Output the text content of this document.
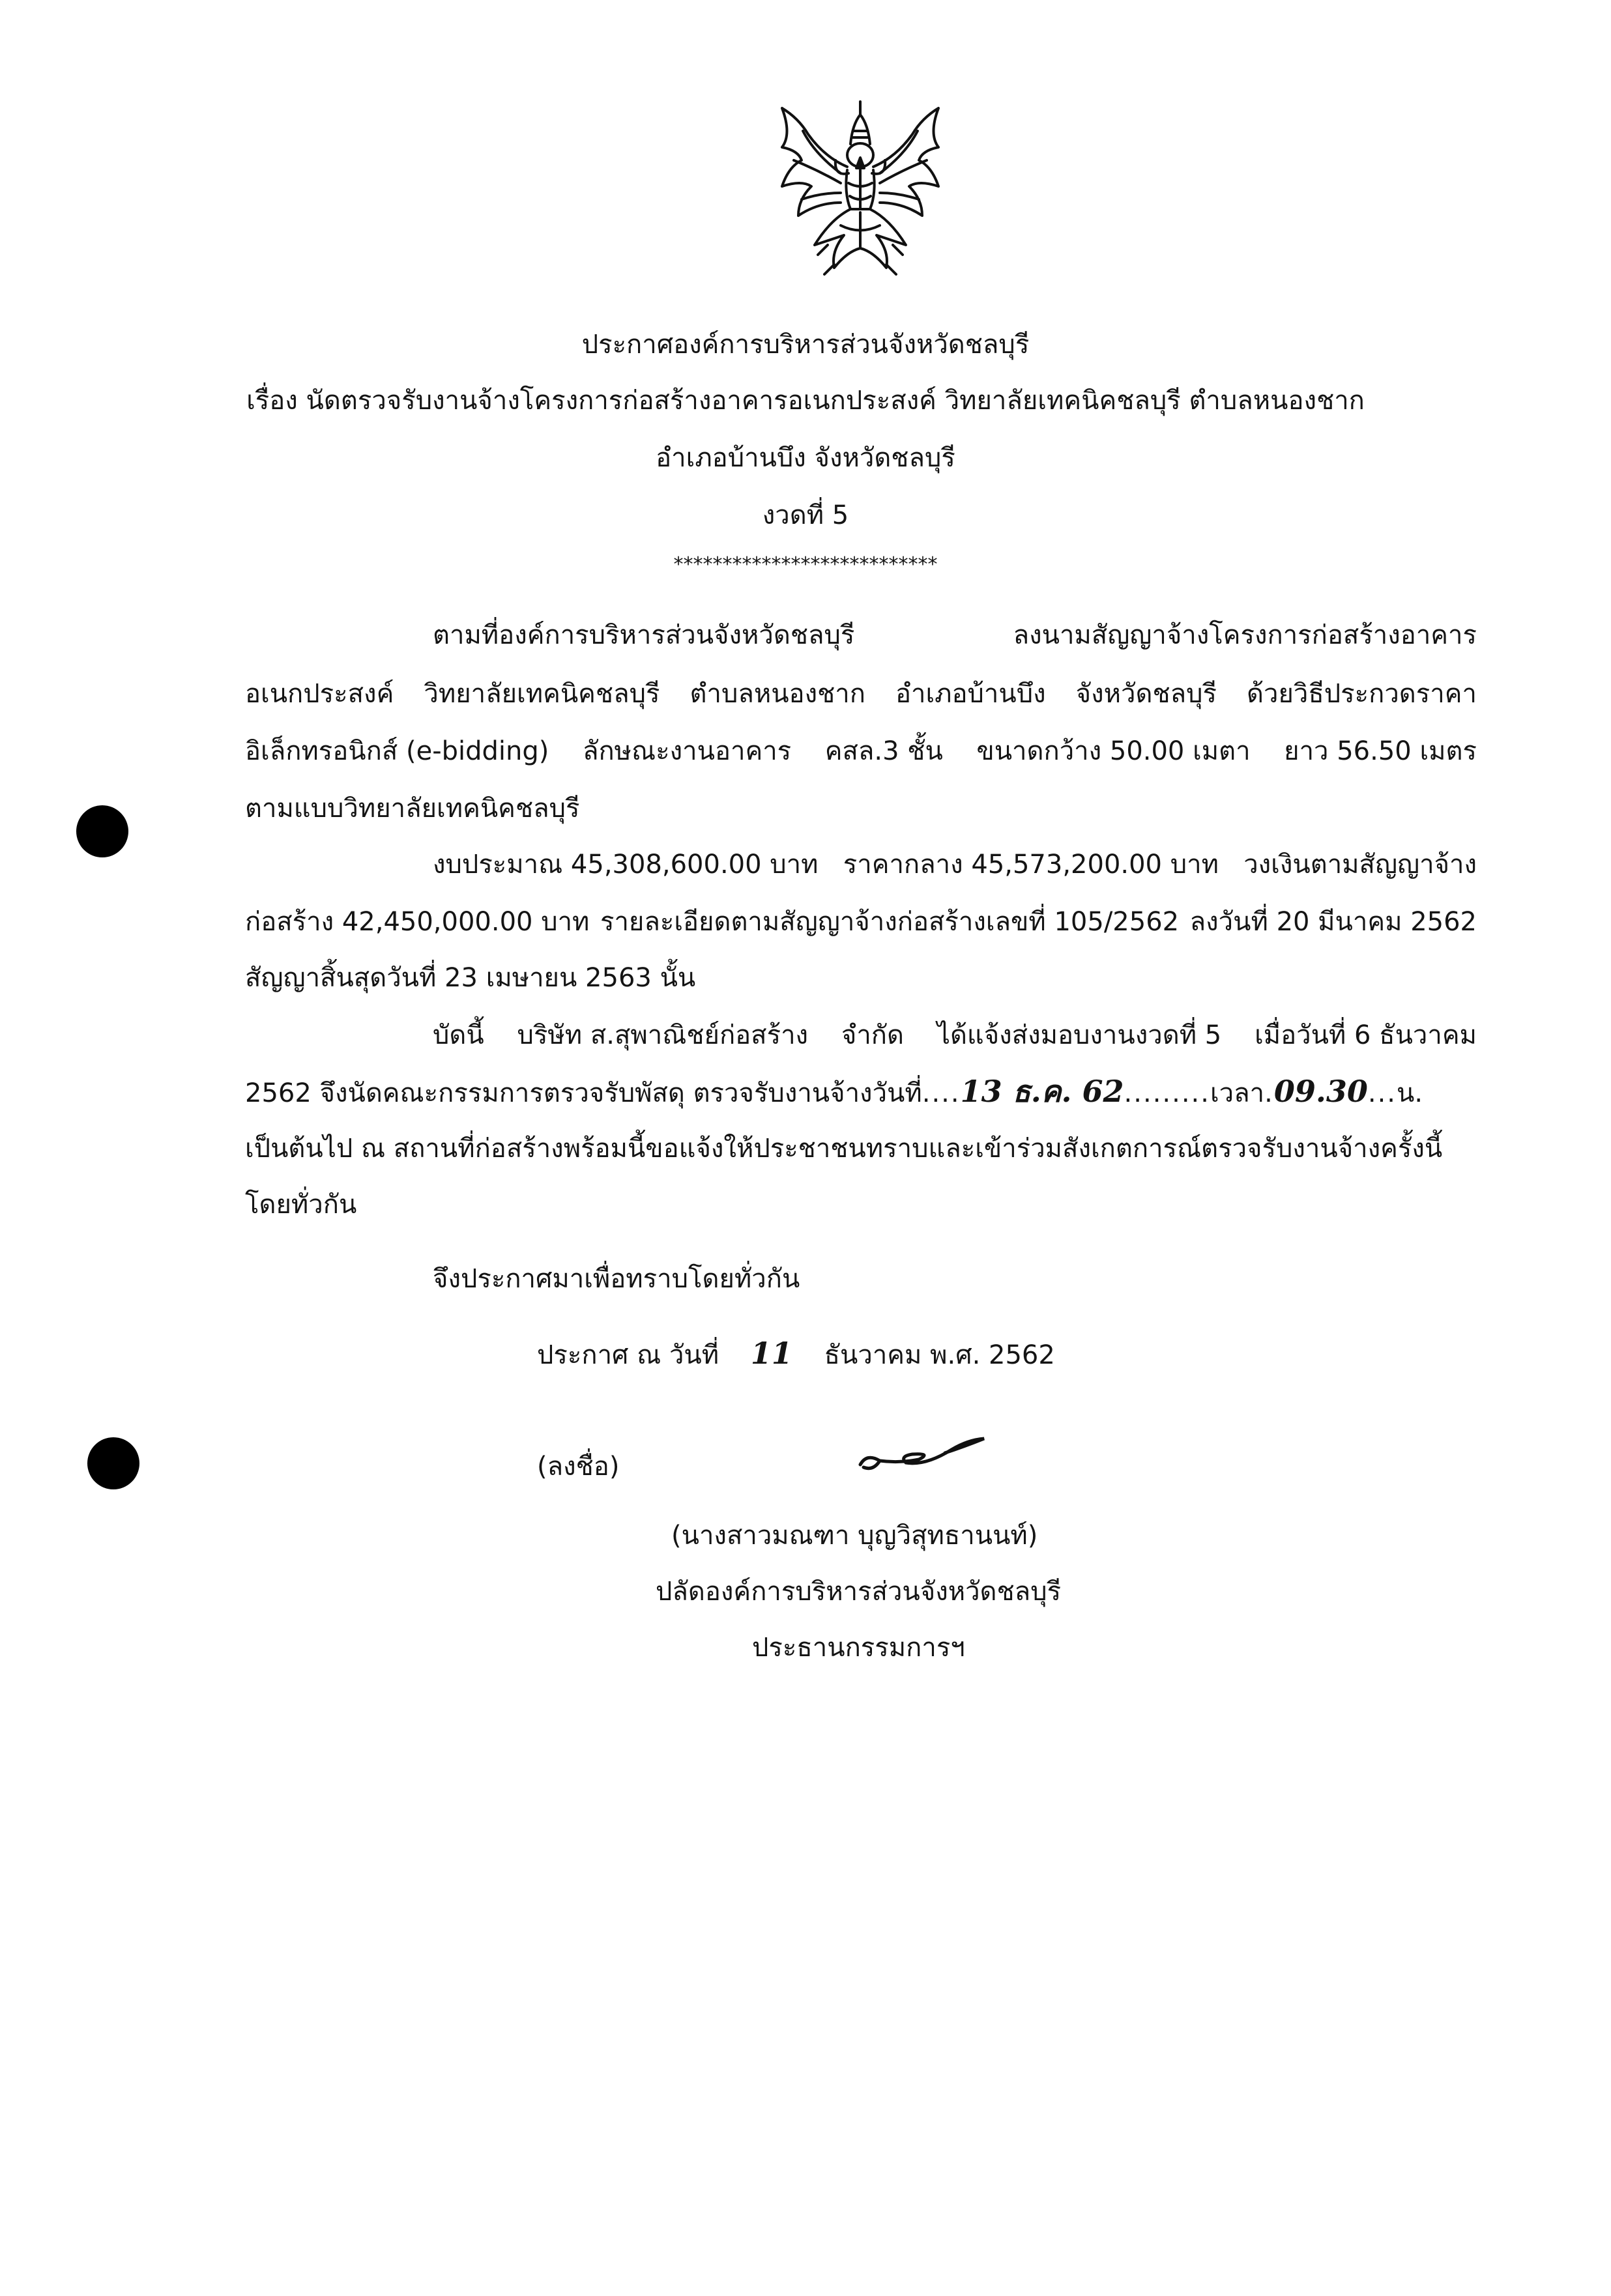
ประกาศองค์การบริหารส่วนจังหวัดชลบุรี
เรื่อง นัดตรวจรับงานจ้างโครงการก่อสร้างอาคารอเนกประสงค์ วิทยาลัยเทคนิคชลบุรี ตำบลหนองชาก
อำเภอบ้านบึง จังหวัดชลบุรี
งวดที่ 5
***************************
ตามที่องค์การบริหารส่วนจังหวัดชลบุรี	ลงนามสัญญาจ้างโครงการก่อสร้างอาคาร
อเนกประสงค์ วิทยาลัยเทคนิคชลบุรี ตำบลหนองชาก อำเภอบ้านบึง จังหวัดชลบุรี ด้วยวิธีประกวดราคา
อิเล็กทรอนิกส์ (e-bidding) ลักษณะงานอาคาร คสล.3 ชั้น ขนาดกว้าง 50.00 เมตา ยาว 56.50 เมตร
ตามแบบวิทยาลัยเทคนิคชลบุรี
งบประมาณ 45,308,600.00 บาท ราคากลาง 45,573,200.00 บาท วงเงินตามสัญญาจ้าง
ก่อสร้าง 42,450,000.00 บาท รายละเอียดตามสัญญาจ้างก่อสร้างเลขที่ 105/2562 ลงวันที่ 20 มีนาคม 2562
สัญญาสิ้นสุดวันที่ 23 เมษายน 2563 นั้น
บัดนี้ บริษัท ส.สุพาณิชย์ก่อสร้าง จำกัด ได้แจ้งส่งมอบงานงวดที่ 5 เมื่อวันที่ 6 ธันวาคม
2562 จึงนัดคณะกรรมการตรวจรับพัสดุ ตรวจรับงานจ้างวันที่....13 ธ.ค. 62.........เวลา.09.30...น.
เป็นต้นไป ณ สถานที่ก่อสร้างพร้อมนี้ขอแจ้งให้ประชาชนทราบและเข้าร่วมสังเกตการณ์ตรวจรับงานจ้างครั้งนี้
โดยทั่วกัน
จึงประกาศมาเพื่อทราบโดยทั่วกัน
ประกาศ ณ วันที่ 11 ธันวาคม พ.ศ. 2562
(ลงชื่อ)
(นางสาวมณฑา บุญวิสุทธานนท์)
ปลัดองค์การบริหารส่วนจังหวัดชลบุรี
ประธานกรรมการฯ
